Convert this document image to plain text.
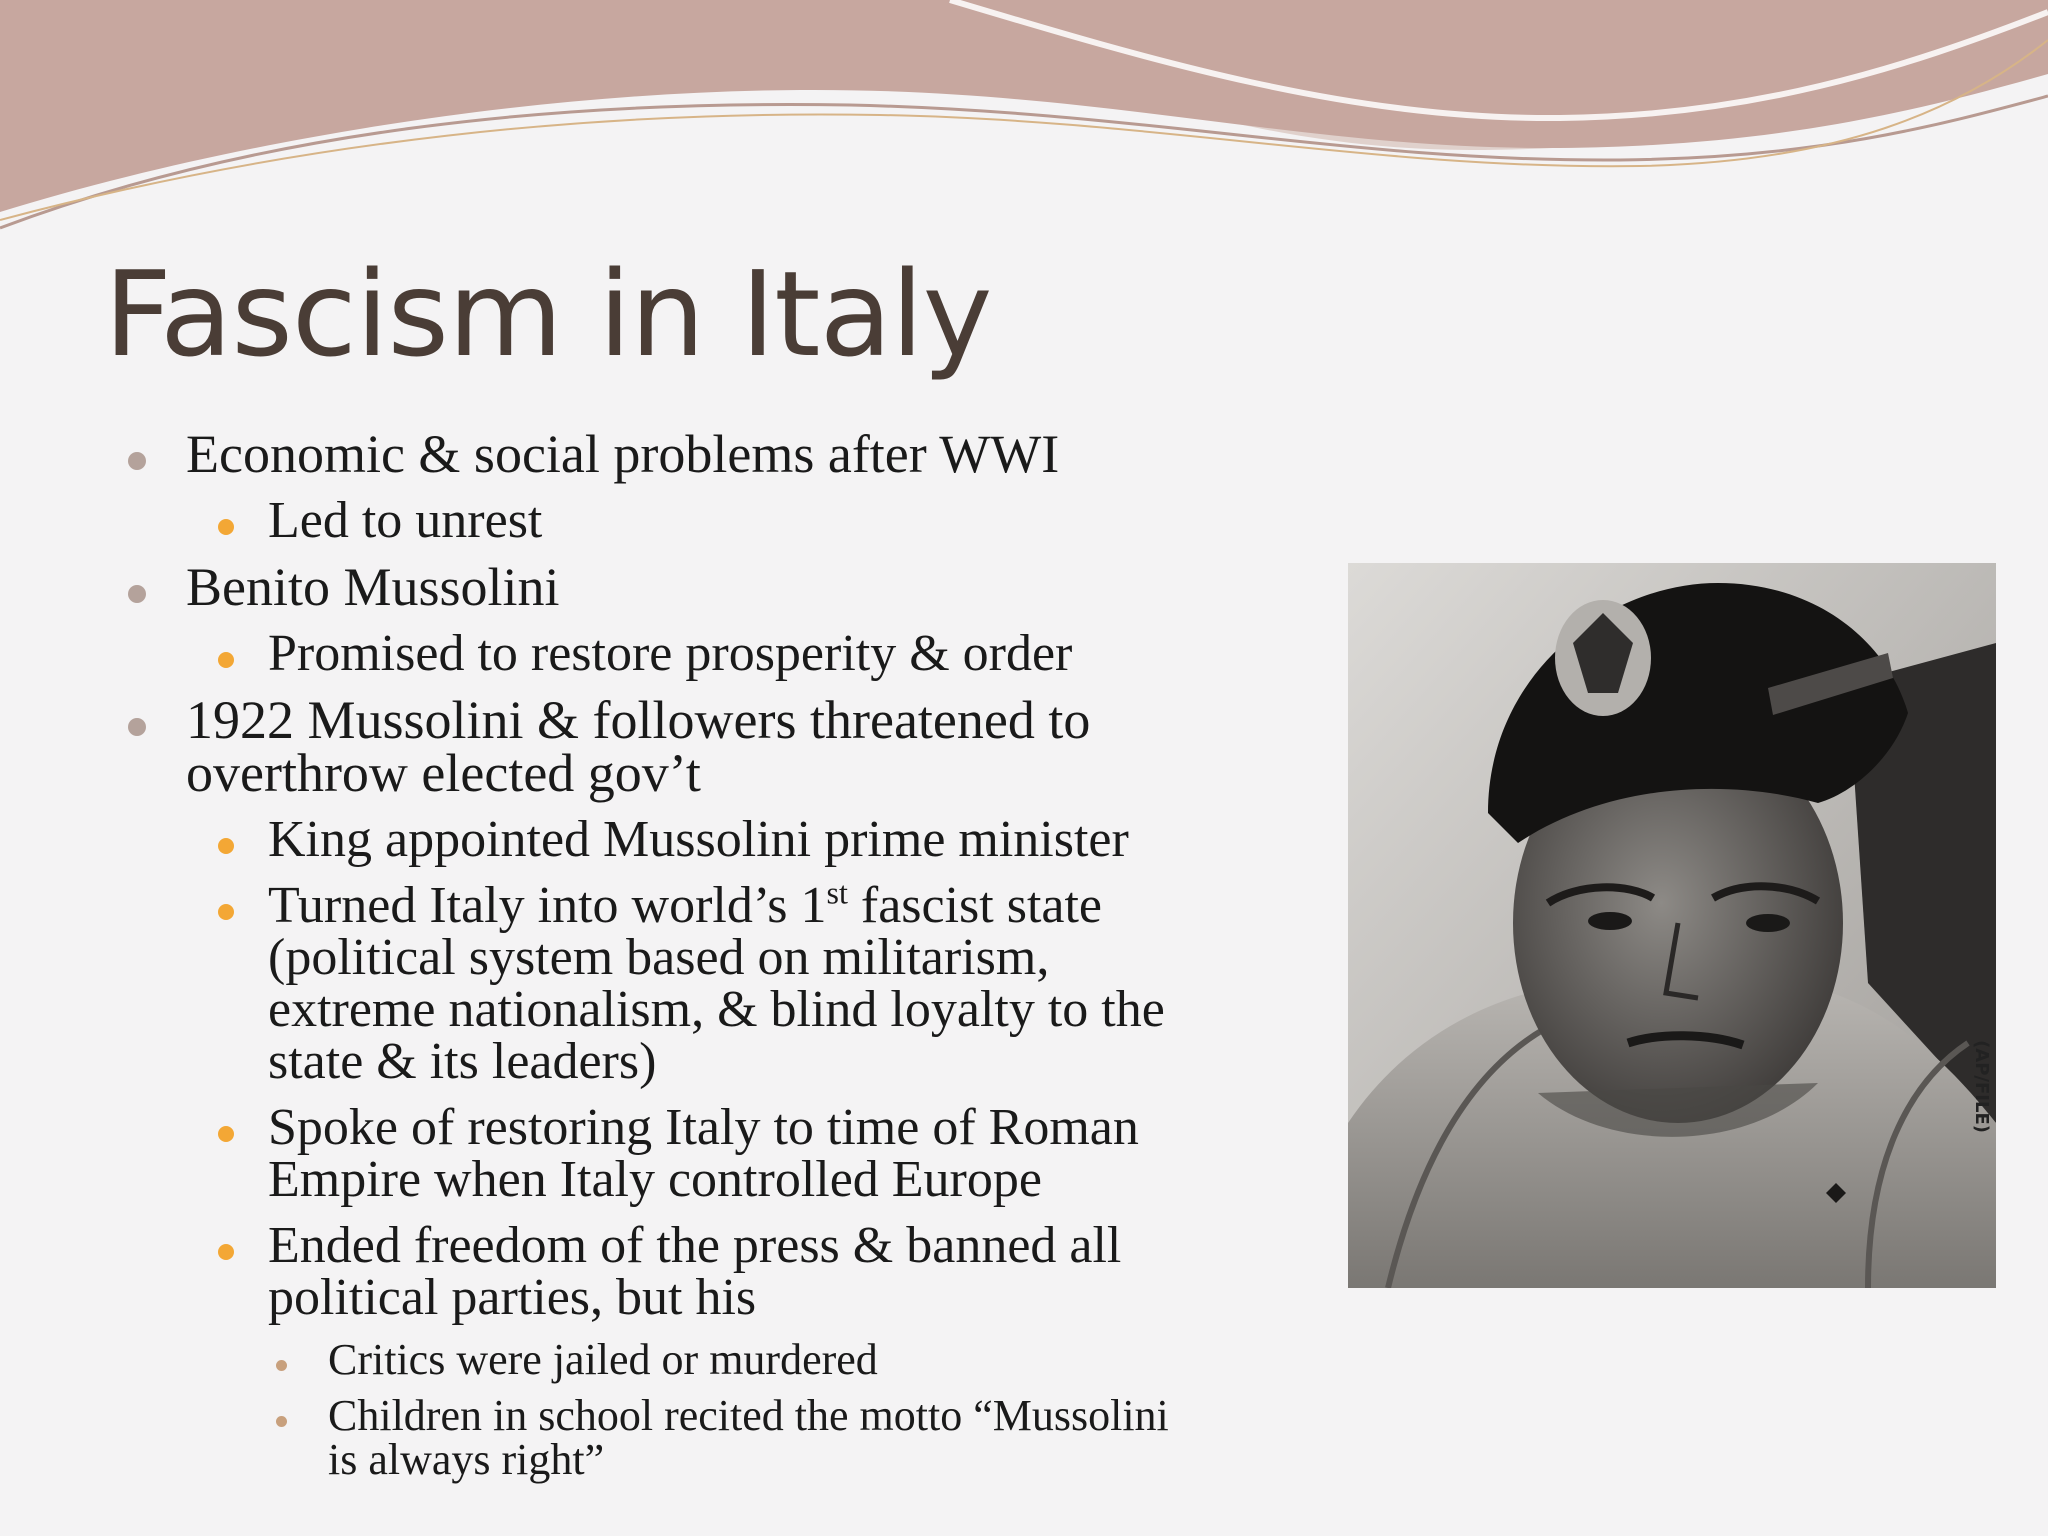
Fascism in Italy
Economic & social problems after WWI
Led to unrest
Benito Mussolini
Promised to restore prosperity & order
1922 Mussolini & followers threatened to
overthrow elected gov’t
King appointed Mussolini prime minister
Turned Italy into world’s 1st fascist state
(political system based on militarism,
extreme nationalism, & blind loyalty to the
state & its leaders)
Spoke of restoring Italy to time of Roman
Empire when Italy controlled Europe
Ended freedom of the press & banned all
political parties, but his
Critics were jailed or murdered
Children in school recited the motto “Mussolini
is always right”
(AP/FILE)
